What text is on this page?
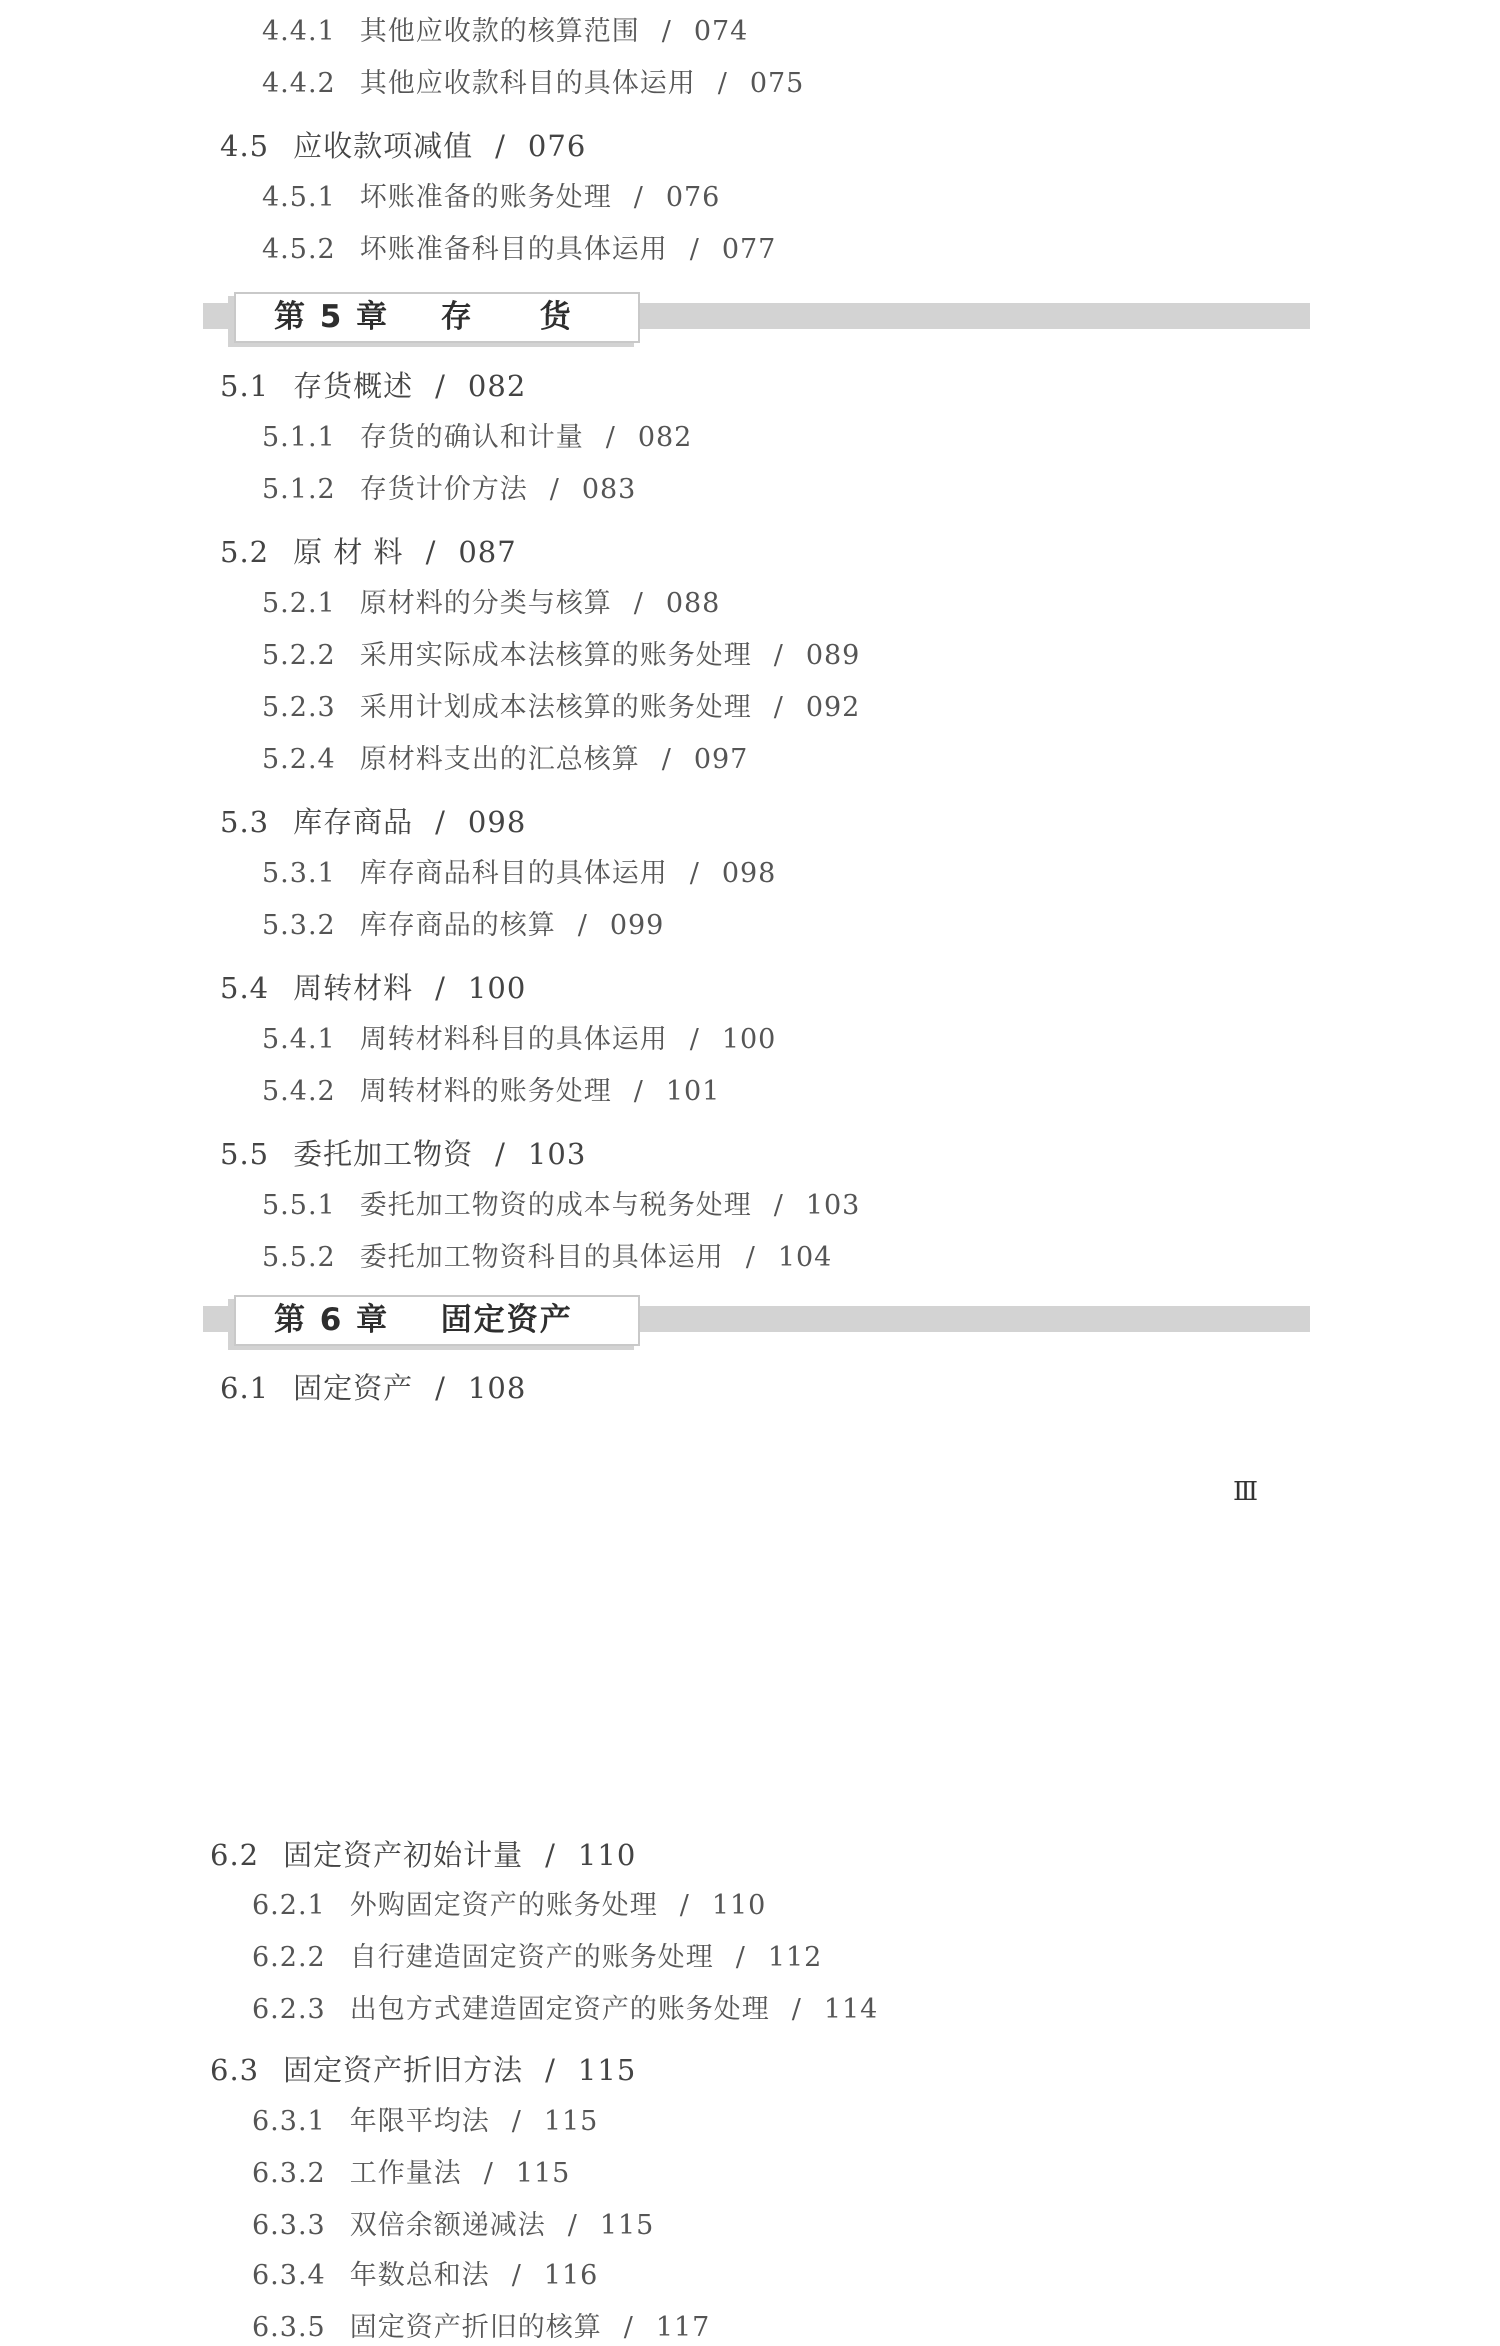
4.4.1 其他应收款的核算范围 / 074
4.4.2 其他应收款科目的具体运用 / 075
4.5 应收款项减值 / 076
4.5.1 坏账准备的账务处理 / 076
4.5.2 坏账准备科目的具体运用 / 077
5.1 存货概述 / 082
5.1.1 存货的确认和计量 / 082
5.1.2 存货计价方法 / 083
5.2 原 材 料 / 087
5.2.1 原材料的分类与核算 / 088
5.2.2 采用实际成本法核算的账务处理 / 089
5.2.3 采用计划成本法核算的账务处理 / 092
5.2.4 原材料支出的汇总核算 / 097
5.3 库存商品 / 098
5.3.1 库存商品科目的具体运用 / 098
5.3.2 库存商品的核算 / 099
5.4 周转材料 / 100
5.4.1 周转材料科目的具体运用 / 100
5.4.2 周转材料的账务处理 / 101
5.5 委托加工物资 / 103
5.5.1 委托加工物资的成本与税务处理 / 103
5.5.2 委托加工物资科目的具体运用 / 104
6.1 固定资产 / 108
第 5 章 存　　货
第 6 章 固定资产
Ⅲ
6.2 固定资产初始计量 / 110
6.2.1 外购固定资产的账务处理 / 110
6.2.2 自行建造固定资产的账务处理 / 112
6.2.3 出包方式建造固定资产的账务处理 / 114
6.3 固定资产折旧方法 / 115
6.3.1 年限平均法 / 115
6.3.2 工作量法 / 115
6.3.3 双倍余额递减法 / 115
6.3.4 年数总和法 / 116
6.3.5 固定资产折旧的核算 / 117
